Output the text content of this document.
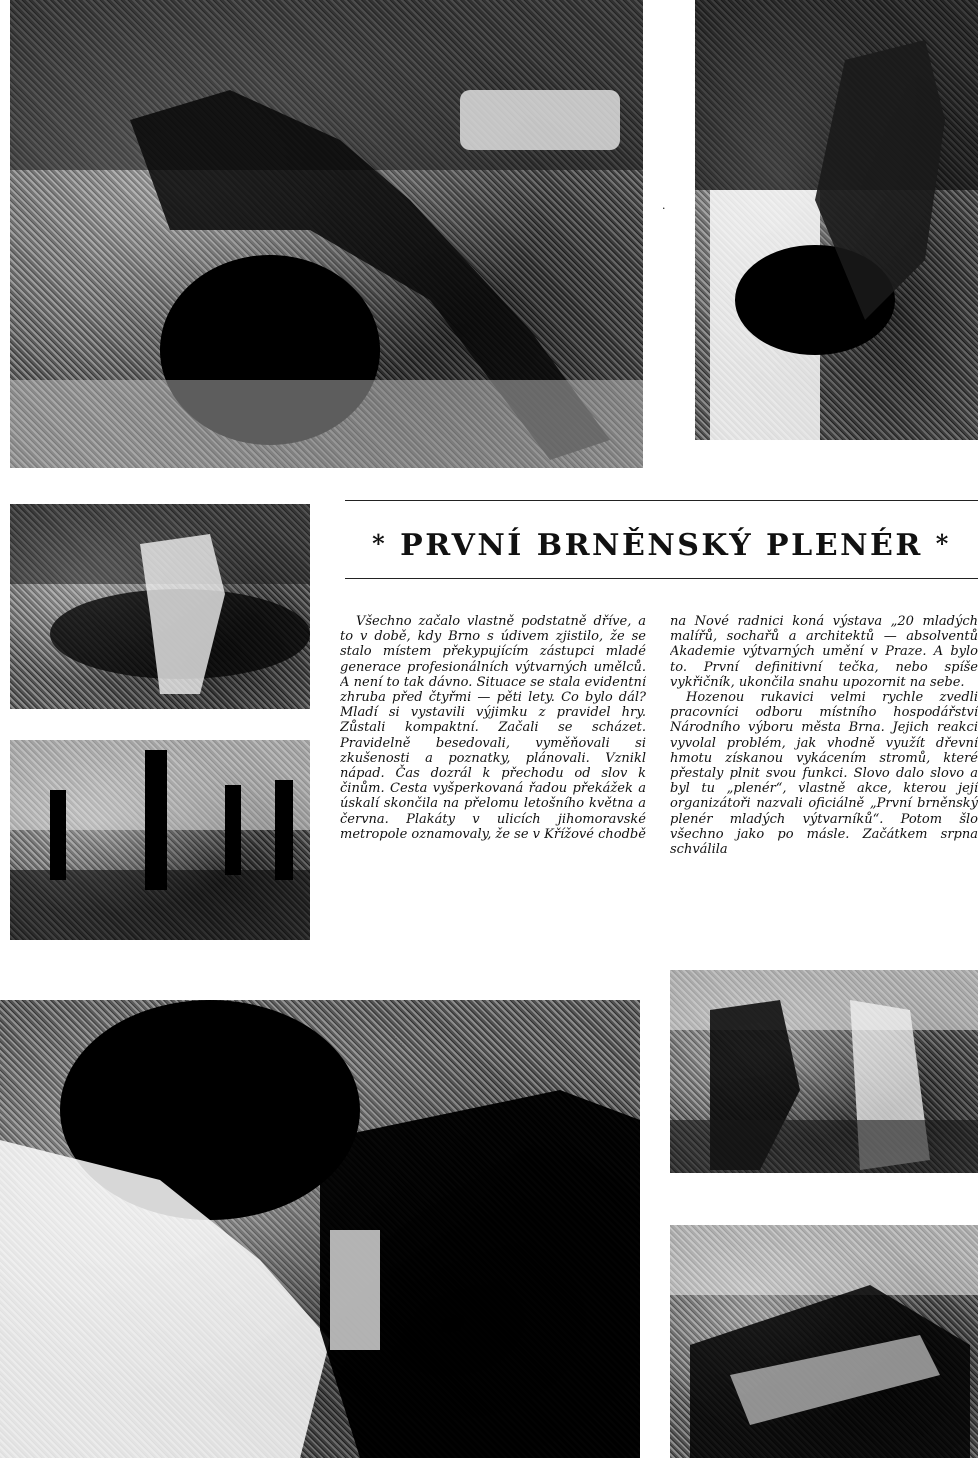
·
* PRVNÍ BRNĚNSKÝ PLENÉR *

Všechno začalo vlastně podstatně dříve, a to v době, kdy Brno s údivem zjistilo, že se stalo místem překypujícím zástupci mladé generace profesionálních výtvarných umělců. A není to tak dávno. Situace se stala evidentní zhruba před čtyřmi — pěti lety. Co bylo dál? Mladí si vystavili výjimku z pravidel hry. Zůstali kompaktní. Začali se scházet. Pravidelně besedovali, vyměňovali si zkušenosti a poznatky, plánovali. Vznikl nápad. Čas dozrál k přechodu od slov k činům. Cesta vyšperkovaná řadou překážek a úskalí skončila na přelomu letošního května a června. Plakáty v ulicích jihomoravské metropole oznamovaly, že se v Křížové chodbě

na Nové radnici koná výstava „20 mladých malířů, sochařů a architektů — absolventů Akademie výtvarných umění v Praze. A bylo to. První definitivní tečka, nebo spíše vykřičník, ukončila snahu upozornit na sebe.

Hozenou rukavici velmi rychle zvedli pracovníci odboru místního hospodářství Národního výboru města Brna. Jejich reakci vyvolal problém, jak vhodně využít dřevní hmotu získanou vykácením stromů, které přestaly plnit svou funkci. Slovo dalo slovo a byl tu „plenér“, vlastně akce, kterou její organizátoři nazvali oficiálně „První brněnský plenér mladých výtvarníků“. Potom šlo všechno jako po másle. Začátkem srpna schválila
